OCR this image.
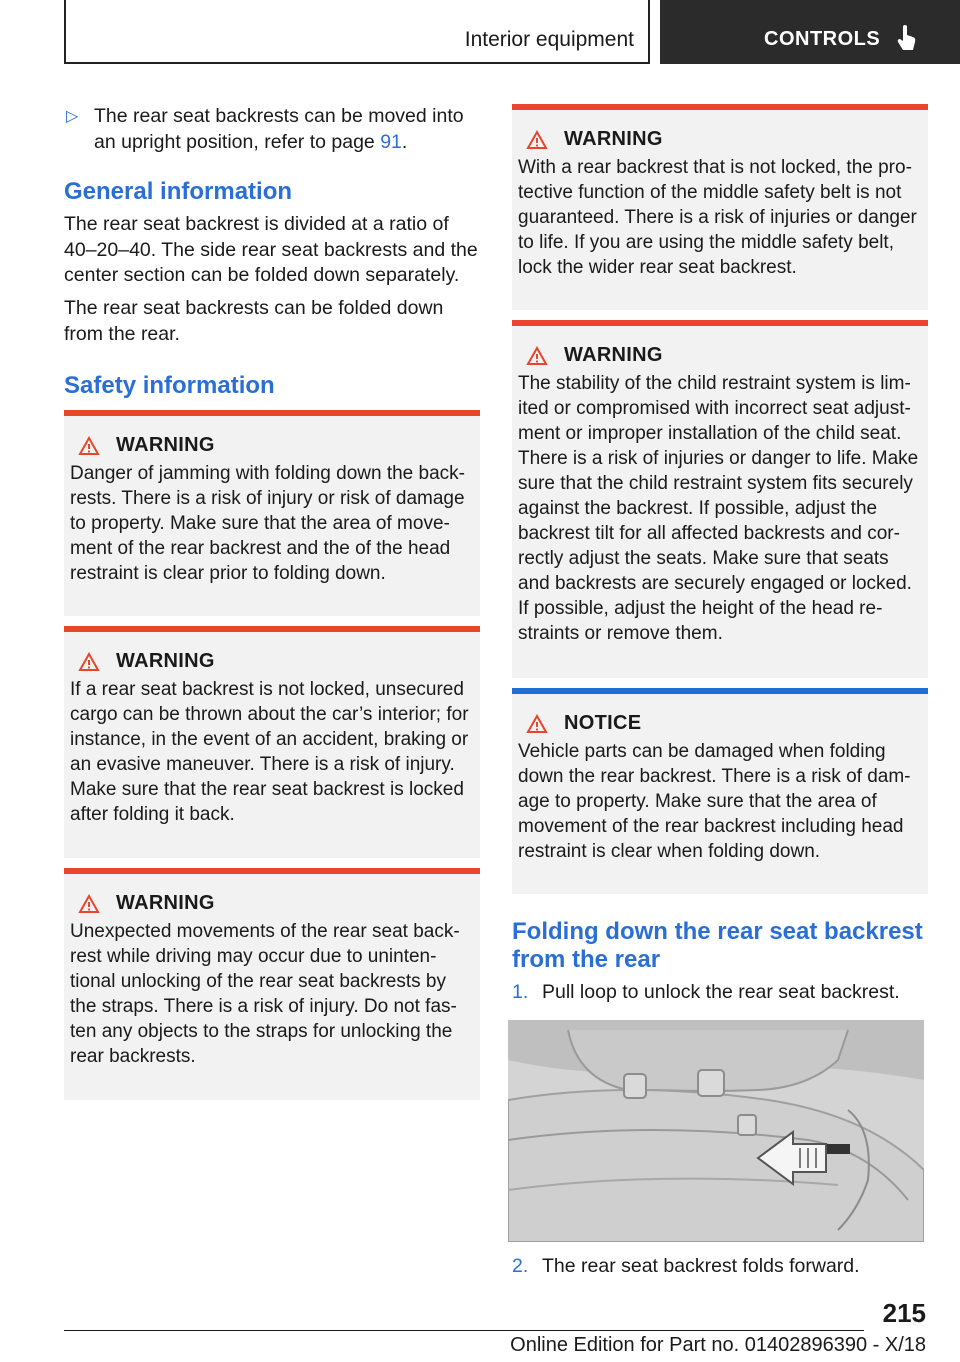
Interior equipment	CONTROLS

▷ The rear seat backrests can be moved into an upright position, refer to page 91.

General information

The rear seat backrest is divided at a ratio of 40–20–40. The side rear seat backrests and the center section can be folded down separately.

The rear seat backrests can be folded down from the rear.

Safety information
WARNING

Danger of jamming with folding down the back-rests. There is a risk of injury or risk of damage to property. Make sure that the area of move-ment of the rear backrest and the of the head restraint is clear prior to folding down.

WARNING

If a rear seat backrest is not locked, unsecured cargo can be thrown about the car’s interior; for instance, in the event of an accident, braking or an evasive maneuver. There is a risk of injury. Make sure that the rear seat backrest is locked after folding it back.

WARNING

Unexpected movements of the rear seat back-rest while driving may occur due to uninten-tional unlocking of the rear seat backrests by the straps. There is a risk of injury. Do not fas-ten any objects to the straps for unlocking the rear backrests.

WARNING

With a rear backrest that is not locked, the pro-tective function of the middle safety belt is not guaranteed. There is a risk of injuries or danger to life. If you are using the middle safety belt, lock the wider rear seat backrest.

WARNING

The stability of the child restraint system is lim-ited or compromised with incorrect seat adjust-ment or improper installation of the child seat. There is a risk of injuries or danger to life. Make sure that the child restraint system fits securely against the backrest. If possible, adjust the backrest tilt for all affected backrests and cor-rectly adjust the seats. Make sure that seats and backrests are securely engaged or locked. If possible, adjust the height of the head re-straints or remove them.

NOTICE

Vehicle parts can be damaged when folding down the rear backrest. There is a risk of dam-age to property. Make sure that the area of movement of the rear backrest including head restraint is clear when folding down.

Folding down the rear seat backrest from the rear
1. Pull loop to unlock the rear seat backrest.
2. The rear seat backrest folds forward.
215
Online Edition for Part no. 01402896390 - X/18
